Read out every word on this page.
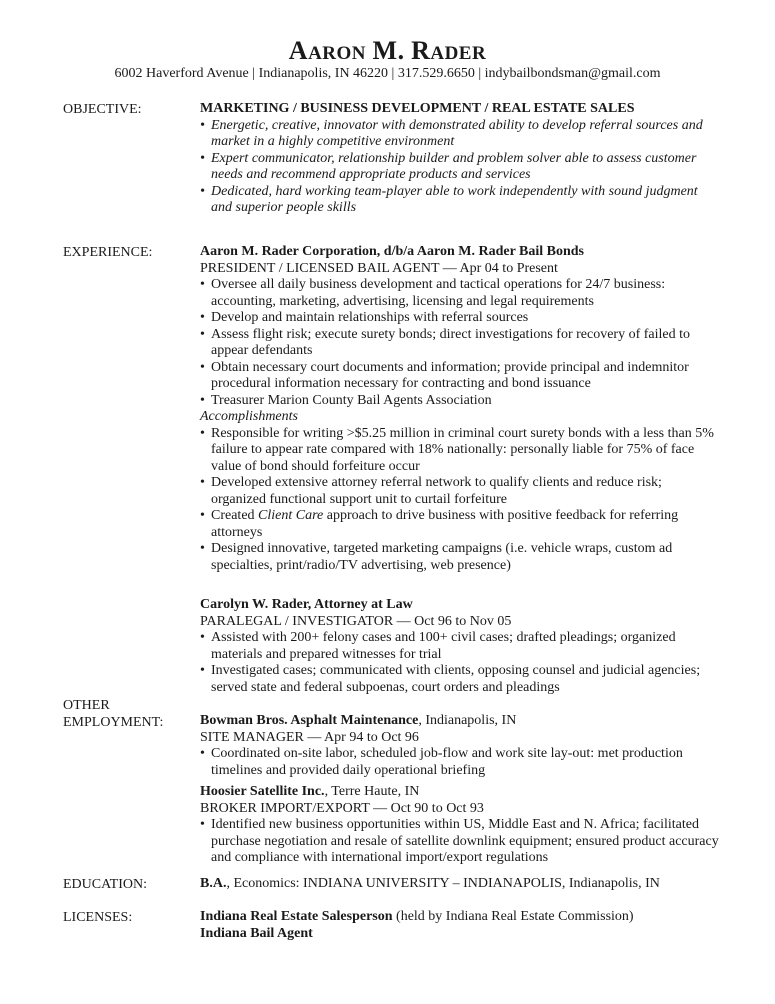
AARON M. RADER
6002 Haverford Avenue | Indianapolis, IN 46220 | 317.529.6650 | indybailbondsman@gmail.com
OBJECTIVE:	MARKETING / BUSINESS DEVELOPMENT / REAL ESTATE SALES
• Energetic, creative, innovator with demonstrated ability to develop referral sources and market in a highly competitive environment
• Expert communicator, relationship builder and problem solver able to assess customer needs and recommend appropriate products and services
• Dedicated, hard working team-player able to work independently with sound judgment and superior people skills
EXPERIENCE:	Aaron M. Rader Corporation, d/b/a Aaron M. Rader Bail Bonds
PRESIDENT / LICENSED BAIL AGENT — Apr 04 to Present
• Oversee all daily business development and tactical operations for 24/7 business: accounting, marketing, advertising, licensing and legal requirements
• Develop and maintain relationships with referral sources
• Assess flight risk; execute surety bonds; direct investigations for recovery of failed to appear defendants
• Obtain necessary court documents and information; provide principal and indemnitor procedural information necessary for contracting and bond issuance
• Treasurer Marion County Bail Agents Association
Accomplishments
• Responsible for writing >$5.25 million in criminal court surety bonds with a less than 5% failure to appear rate compared with 18% nationally: personally liable for 75% of face value of bond should forfeiture occur
• Developed extensive attorney referral network to qualify clients and reduce risk; organized functional support unit to curtail forfeiture
• Created Client Care approach to drive business with positive feedback for referring attorneys
• Designed innovative, targeted marketing campaigns (i.e. vehicle wraps, custom ad specialties, print/radio/TV advertising, web presence)
Carolyn W. Rader, Attorney at Law
PARALEGAL / INVESTIGATOR — Oct 96 to Nov 05
• Assisted with 200+ felony cases and 100+ civil cases; drafted pleadings; organized materials and prepared witnesses for trial
• Investigated cases; communicated with clients, opposing counsel and judicial agencies; served state and federal subpoenas, court orders and pleadings
OTHER
EMPLOYMENT:	Bowman Bros. Asphalt Maintenance, Indianapolis, IN
SITE MANAGER — Apr 94 to Oct 96
• Coordinated on-site labor, scheduled job-flow and work site lay-out: met production timelines and provided daily operational briefing
Hoosier Satellite Inc., Terre Haute, IN
BROKER IMPORT/EXPORT — Oct 90 to Oct 93
• Identified new business opportunities within US, Middle East and N. Africa; facilitated purchase negotiation and resale of satellite downlink equipment; ensured product accuracy and compliance with international import/export regulations
EDUCATION:	B.A., Economics: INDIANA UNIVERSITY – INDIANAPOLIS, Indianapolis, IN
LICENSES:	Indiana Real Estate Salesperson (held by Indiana Real Estate Commission)
Indiana Bail Agent
